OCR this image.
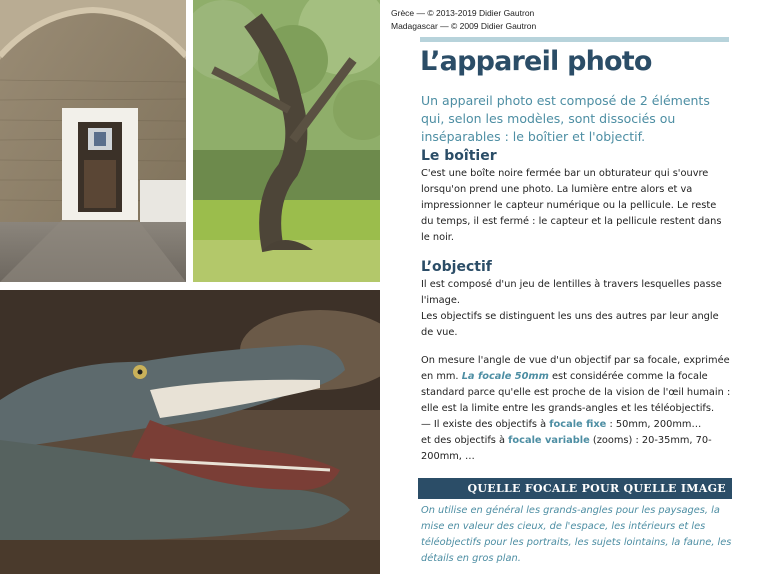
Grèce — © 2013-2019 Didier Gautron
Madagascar — © 2009 Didier Gautron
L’appareil photo

Un appareil photo est composé de 2 éléments qui, selon les modèles, sont dissociés ou inséparables : le boîtier et l'objectif.

Le boîtier

C'est une boîte noire fermée bar un obturateur qui s'ouvre lorsqu'on prend une photo. La lumière entre alors et va impressionner le capteur numérique ou la pellicule. Le reste du temps, il est fermé : le capteur et la pellicule restent dans le noir.

L’objectif

Il est composé d'un jeu de lentilles à travers lesquelles passe l'image.
Les objectifs se distinguent les uns des autres par leur angle de vue.

On mesure l'angle de vue d'un objectif par sa focale, exprimée en mm. La focale 50mm est considérée comme la focale standard parce qu'elle est proche de la vision de l'œil humain : elle est la limite entre les grands-angles et les téléobjectifs.
— Il existe des objectifs à focale fixe : 50mm, 200mm…
et des objectifs à focale variable (zooms) : 20-35mm, 70-200mm, …

QUELLE FOCALE POUR QUELLE IMAGE

On utilise en général les grands-angles pour les paysages, la mise en valeur des cieux, de l'espace, les intérieurs et les téléobjectifs pour les portraits, les sujets lointains, la faune, les détails en gros plan.
